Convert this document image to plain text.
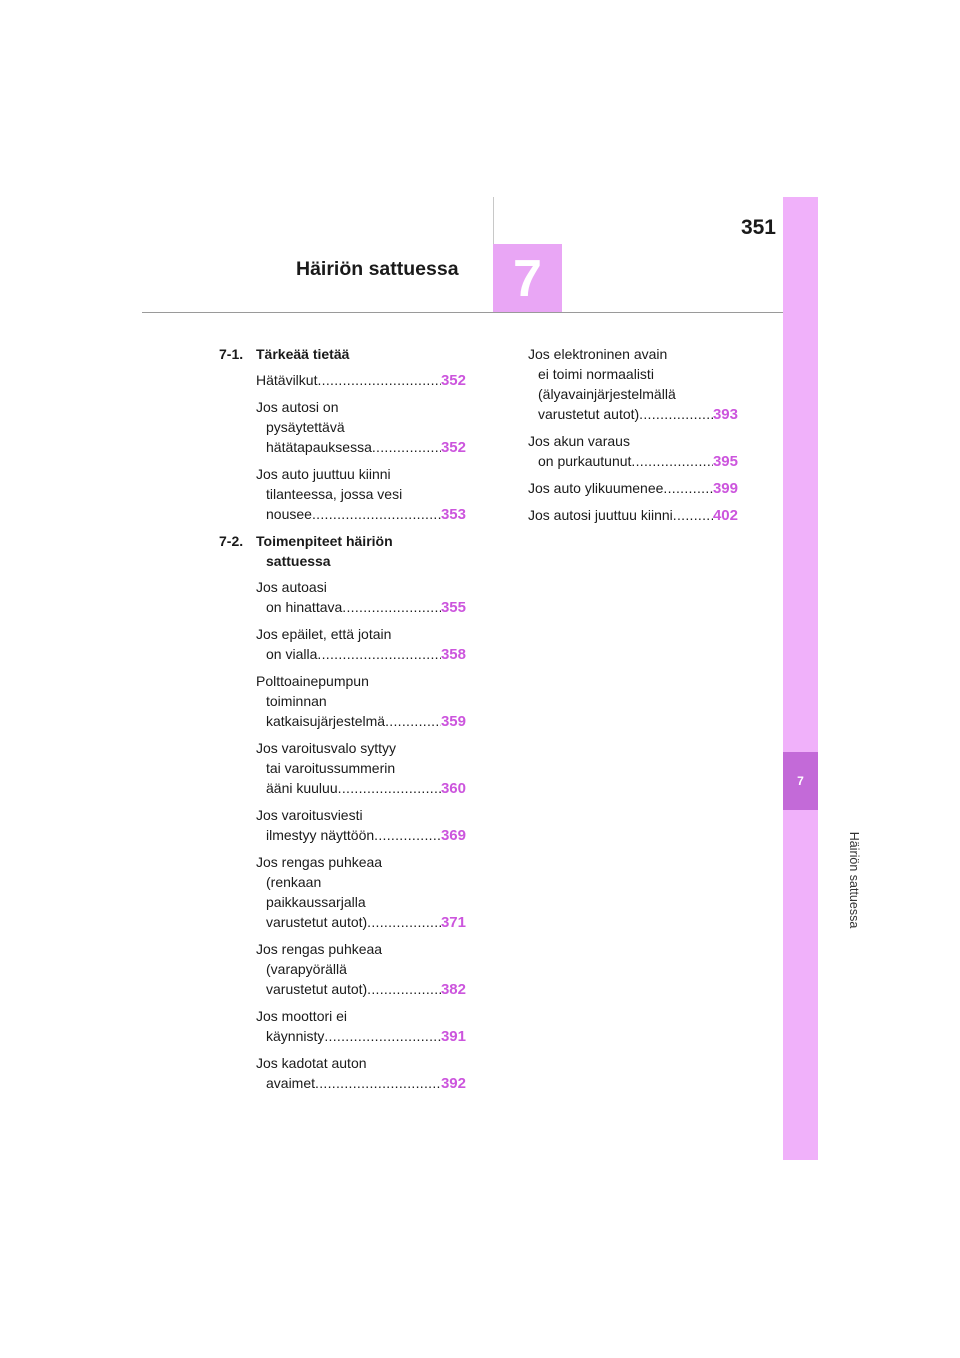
351
Häiriön sattuessa	7
7
Häiriön sattuessa
7-1. Tärkeää tietää
Hätävilkut .....	352
Jos autosi on
pysäytettävä
hätätapauksessa .....	352
Jos auto juuttuu kiinni
tilanteessa, jossa vesi
nousee .....	353
7-2. Toimenpiteet häiriön
sattuessa
Jos autoasi
on hinattava .....	355
Jos epäilet, että jotain
on vialla .....	358
Polttoainepumpun
toiminnan
katkaisujärjestelmä .....	359
Jos varoitusvalo syttyy
tai varoitussummerin
ääni kuuluu .....	360
Jos varoitusviesti
ilmestyy näyttöön .....	369
Jos rengas puhkeaa
(renkaan
paikkaussarjalla
varustetut autot) .....	371
Jos rengas puhkeaa
(varapyörällä
varustetut autot) .....	382
Jos moottori ei
käynnisty .....	391
Jos kadotat auton
avaimet .....	392
Jos elektroninen avain
ei toimi normaalisti
(älyavainjärjestelmällä
varustetut autot) .....	393
Jos akun varaus
on purkautunut .....	395
Jos auto ylikuumenee .....	399
Jos autosi juuttuu kiinni .....	402
